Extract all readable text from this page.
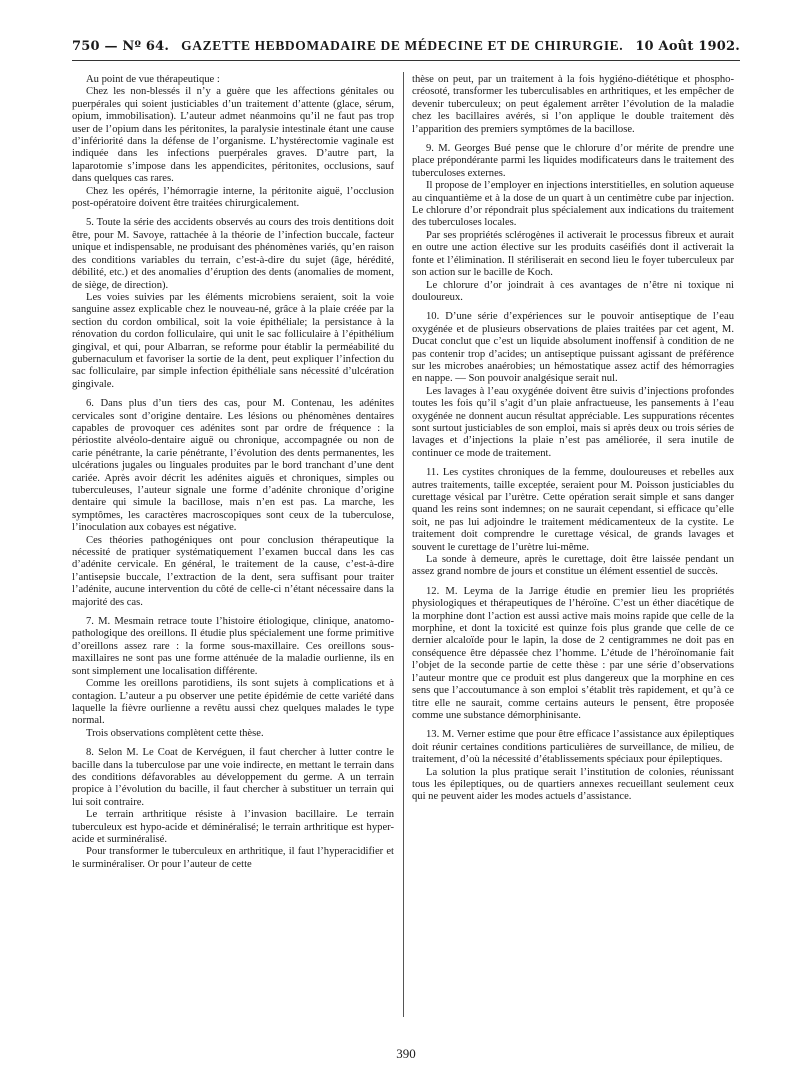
750 — Nº 64. GAZETTE HEBDOMADAIRE DE MÉDECINE ET DE CHIRURGIE. 10 Août 1902.

Au point de vue thérapeutique :

Chez les non-blessés il n’y a guère que les affections génitales ou puerpérales qui soient justiciables d’un traitement d’attente (glace, sérum, opium, immobilisation). L’auteur admet néanmoins qu’il ne faut pas trop user de l’opium dans les péritonites, la paralysie intestinale étant une cause d’infériorité dans la défense de l’organisme. L’hystérectomie vaginale est indiquée dans les infections puerpérales graves. D’autre part, la laparotomie s’impose dans les appendicites, péritonites, occlusions, sauf dans quelques cas rares.

Chez les opérés, l’hémorragie interne, la péritonite aiguë, l’occlusion post-opératoire doivent être traitées chirurgicalement.

5. Toute la série des accidents observés au cours des trois dentitions doit être, pour M. Savoye, rattachée à la théorie de l’infection buccale, facteur unique et indispensable, ne produisant des phénomènes variés, qu’en raison des conditions variables du terrain, c’est-à-dire du sujet (âge, hérédité, débilité, etc.) et des anomalies d’éruption des dents (anomalies de moment, de siège, de direction).

Les voies suivies par les éléments microbiens seraient, soit la voie sanguine assez explicable chez le nouveau-né, grâce à la plaie créée par la section du cordon ombilical, soit la voie épithéliale; la persistance à la rénovation du cordon folliculaire, qui unit le sac folliculaire à l’épithélium gingival, et qui, pour Albarran, se reforme pour établir la perméabilité du gubernaculum et favoriser la sortie de la dent, peut expliquer l’infection du sac folliculaire, par simple infection épithéliale sans nécessité d’ulcération gingivale.

6. Dans plus d’un tiers des cas, pour M. Contenau, les adénites cervicales sont d’origine dentaire. Les lésions ou phénomènes dentaires capables de provoquer ces adénites sont par ordre de fréquence : la périostite alvéolo-dentaire aiguë ou chronique, accompagnée ou non de carie pénétrante, la carie pénétrante, l’évolution des dents permanentes, les ulcérations jugales ou linguales produites par le bord tranchant d’une dent cariée. Après avoir décrit les adénites aiguës et chroniques, simples ou tuberculeuses, l’auteur signale une forme d’adénite chronique d’origine dentaire qui simule la bacillose, mais n’en est pas. La marche, les symptômes, les caractères macroscopiques sont ceux de la tuberculose, l’inoculation aux cobayes est négative.

Ces théories pathogéniques ont pour conclusion thérapeutique la nécessité de pratiquer systématiquement l’examen buccal dans les cas d’adénite cervicale. En général, le traitement de la cause, c’est-à-dire l’antisepsie buccale, l’extraction de la dent, sera suffisant pour traiter l’adénite, aucune intervention du côté de celle-ci n’étant nécessaire dans la majorité des cas.

7. M. Mesmain retrace toute l’histoire étiologique, clinique, anatomo-pathologique des oreillons. Il étudie plus spécialement une forme primitive d’oreillons assez rare : la forme sous-maxillaire. Ces oreillons sous-maxillaires ne sont pas une forme atténuée de la maladie ourlienne, ils en sont simplement une localisation différente.

Comme les oreillons parotidiens, ils sont sujets à complications et à contagion. L’auteur a pu observer une petite épidémie de cette variété dans laquelle la fièvre ourlienne a revêtu aussi chez quelques malades le type normal.

Trois observations complètent cette thèse.

8. Selon M. Le Coat de Kervéguen, il faut chercher à lutter contre le bacille dans la tuberculose par une voie indirecte, en mettant le terrain dans des conditions défavorables au développement du germe. A un terrain propice à l’évolution du bacille, il faut chercher à substituer un terrain qui lui soit contraire.

Le terrain arthritique résiste à l’invasion bacillaire. Le terrain tuberculeux est hypo-acide et déminéralisé; le terrain arthritique est hyper-acide et surminéralisé.

Pour transformer le tuberculeux en arthritique, il faut l’hyperacidifier et le surminéraliser. Or pour l’auteur de cette

thèse on peut, par un traitement à la fois hygiéno-diététique et phospho-créosoté, transformer les tuberculisables en arthritiques, et les empêcher de devenir tuberculeux; on peut également arrêter l’évolution de la maladie chez les bacillaires avérés, si l’on applique le double traitement dès l’apparition des premiers symptômes de la bacillose.

9. M. Georges Bué pense que le chlorure d’or mérite de prendre une place prépondérante parmi les liquides modificateurs dans le traitement des tuberculoses externes.

Il propose de l’employer en injections interstitielles, en solution aqueuse au cinquantième et à la dose de un quart à un centimètre cube par injection. Le chlorure d’or répondrait plus spécialement aux indications du traitement des tuberculoses locales.

Par ses propriétés sclérogènes il activerait le processus fibreux et aurait en outre une action élective sur les produits caséifiés dont il activerait la fonte et l’élimination. Il stériliserait en second lieu le foyer tuberculeux par son action sur le bacille de Koch.

Le chlorure d’or joindrait à ces avantages de n’être ni toxique ni douloureux.

10. D’une série d’expériences sur le pouvoir antiseptique de l’eau oxygénée et de plusieurs observations de plaies traitées par cet agent, M. Ducat conclut que c’est un liquide absolument inoffensif à condition de ne pas contenir trop d’acides; un antiseptique puissant agissant de préférence sur les microbes anaérobies; un hémostatique assez actif des hémorragies en nappe. — Son pouvoir analgésique serait nul.

Les lavages à l’eau oxygénée doivent être suivis d’injections profondes toutes les fois qu’il s’agit d’un plaie anfractueuse, les pansements à l’eau oxygénée ne donnent aucun résultat appréciable. Les suppurations récentes sont surtout justiciables de son emploi, mais si après deux ou trois séries de lavages et d’injections la plaie n’est pas améliorée, il sera inutile de continuer ce mode de traitement.

11. Les cystites chroniques de la femme, douloureuses et rebelles aux autres traitements, taille exceptée, seraient pour M. Poisson justiciables du curettage vésical par l’urètre. Cette opération serait simple et sans danger quand les reins sont indemnes; on ne saurait cependant, si efficace qu’elle soit, ne pas lui adjoindre le traitement médicamenteux de la cystite. Le traitement doit comprendre le curettage vésical, de grands lavages et souvent le curettage de l’urètre lui-même.

La sonde à demeure, après le curettage, doit être laissée pendant un assez grand nombre de jours et constitue un élément essentiel de succès.

12. M. Leyma de la Jarrige étudie en premier lieu les propriétés physiologiques et thérapeutiques de l’héroïne. C’est un éther diacétique de la morphine dont l’action est aussi active mais moins rapide que celle de la morphine, et dont la toxicité est quinze fois plus grande que celle de ce dernier alcaloïde pour le lapin, la dose de 2 centigrammes ne doit pas en conséquence être dépassée chez l’homme. L’étude de l’héroïnomanie fait l’objet de la seconde partie de cette thèse : par une série d’observations l’auteur montre que ce produit est plus dangereux que la morphine en ces sens que l’accoutumance à son emploi s’établit très rapidement, et qu’à ce titre elle ne saurait, comme certains auteurs le pensent, être proposée comme une substance démorphinisante.

13. M. Verner estime que pour être efficace l’assistance aux épileptiques doit réunir certaines conditions particulières de surveillance, de milieu, de traitement, d’où la nécessité d’établissements spéciaux pour épileptiques.

La solution la plus pratique serait l’institution de colonies, réunissant tous les épileptiques, ou de quartiers annexes recueillant seulement ceux qui ne peuvent aider les modes actuels d’assistance.

390
